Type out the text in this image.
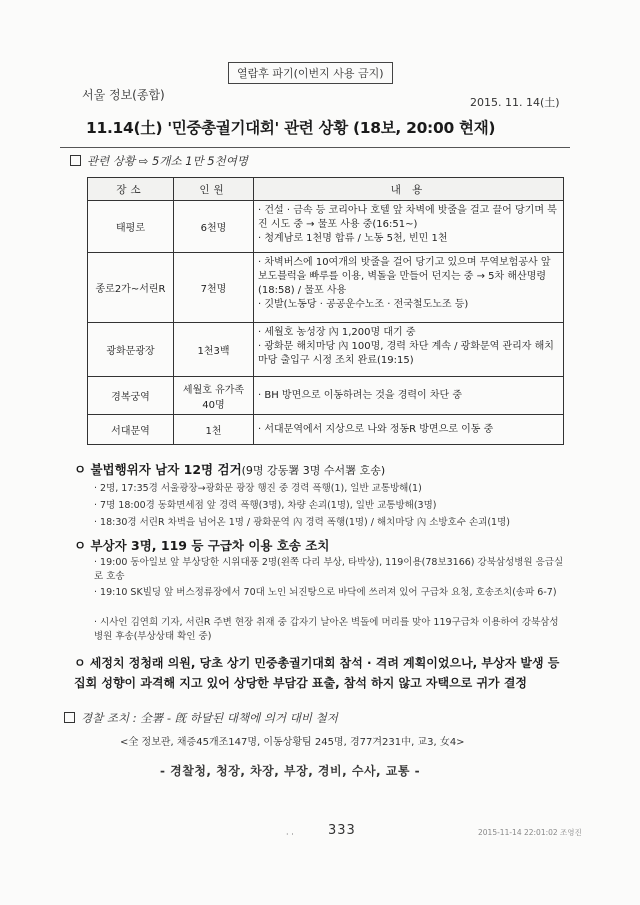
열람후 파기(이번지 사용 금지)
서울 정보(종합)
2015. 11. 14(土)
11.14(土) '민중총궐기대회' 관련 상황 (18보, 20:00 현재)
관련 상황 ⇨ 5개소 1만 5천여명
장소	인원	내 용
태평로	6천명	· 건설 · 금속 등 코리아나 호텔 앞 차벽에 밧줄을 걸고 끌어 당기며 북진 시도 중 → 물포 사용 중(16:51~)
· 청계남로 1천명 합류 / 노동 5천, 빈민 1천

종로2가~서린R	7천명	· 차벽버스에 10여개의 밧줄을 걸어 당기고 있으며 무역보험공사 앞 보도블럭을 빠루를 이용, 벽돌을 만들어 던지는 중 → 5차 해산명령(18:58) / 물포 사용
· 깃발(노동당 · 공공운수노조 · 전국철도노조 등)

광화문광장	1천3백	· 세월호 농성장 內 1,200명 대기 중
· 광화문 해치마당 內 100명, 경력 차단 계속 / 광화문역 관리자 해치마당 출입구 시정 조치 완료(19:15)

경복궁역	세월호 유가족 40명	· BH 방면으로 이동하려는 것을 경력이 차단 중

서대문역	1천	· 서대문역에서 지상으로 나와 정동R 방면으로 이동 중
ㅇ 불법행위자 남자 12명 검거(9명 강동署 3명 수서署 호송)
· 2명, 17:35경 서울광장→광화문 광장 행진 중 경력 폭행(1), 일반 교통방해(1)
· 7명 18:00경 동화면세점 앞 경력 폭행(3명), 차량 손괴(1명), 일반 교통방해(3명)
· 18:30경 서린R 차벽을 넘어온 1명 / 광화문역 內 경력 폭행(1명) / 해치마당 內 소방호수 손괴(1명)
ㅇ 부상자 3명, 119 등 구급차 이용 호송 조치
· 19:00 동아일보 앞 부상당한 시위대풍 2명(왼쪽 다리 부상, 타박상), 119이용(78보3166) 강북삼성병원 응급실로 호송
· 19:10 SK빌딩 앞 버스정류장에서 70대 노인 뇌진탕으로 바닥에 쓰러져 있어 구급차 요청, 호송조치(송파 6-7)
· 시사인 김연희 기자, 서린R 주변 현장 취재 중 갑자기 날아온 벽돌에 머리를 맞아 119구급차 이용하여 강북삼성병원 후송(부상상태 확인 중)
ㅇ 세정치 정청래 의원, 당초 상기 민중총궐기대회 참석 · 격려 계획이었으나, 부상자 발생 등 집회 성향이 과격해 지고 있어 상당한 부담감 표출, 참석 하지 않고 자택으로 귀가 결정
경찰 조치 : 全署 - 旣 하달된 대책에 의거 대비 철저
<全 정보관, 채증45개조147명, 이동상황팀 245명, 경77겨231中, 교3, 女4>
- 경찰청, 청장, 차장, 부장, 경비, 수사, 교통 -
· ·	333	2015-11-14 22:01:02 조영진
